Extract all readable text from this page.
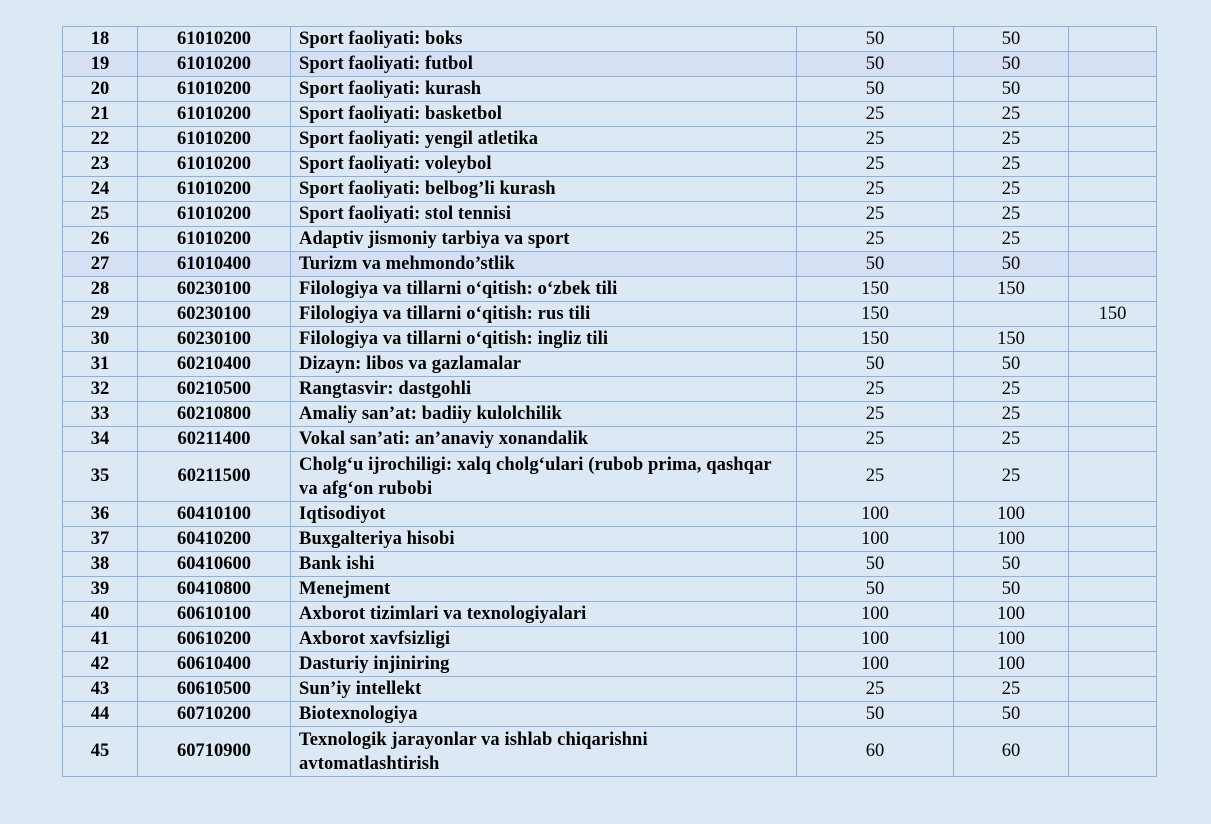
18	61010200	Sport faoliyati: boks	50	50	
19	61010200	Sport faoliyati: futbol	50	50	
20	61010200	Sport faoliyati: kurash	50	50	
21	61010200	Sport faoliyati: basketbol	25	25	
22	61010200	Sport faoliyati: yengil atletika	25	25	
23	61010200	Sport faoliyati: voleybol	25	25	
24	61010200	Sport faoliyati: belbog’li kurash	25	25	
25	61010200	Sport faoliyati: stol tennisi	25	25	
26	61010200	Adaptiv jismoniy tarbiya va sport	25	25	
27	61010400	Turizm va mehmondo’stlik	50	50	
28	60230100	Filologiya va tillarni o‘qitish: o‘zbek tili	150	150	
29	60230100	Filologiya va tillarni o‘qitish: rus tili	150		150
30	60230100	Filologiya va tillarni o‘qitish: ingliz tili	150	150	
31	60210400	Dizayn: libos va gazlamalar	50	50	
32	60210500	Rangtasvir: dastgohli	25	25	
33	60210800	Amaliy san’at: badiiy kulolchilik	25	25	
34	60211400	Vokal san’ati: an’anaviy xonandalik	25	25	
35	60211500	Cholg‘u ijrochiligi: xalq cholg‘ulari (rubob prima, qashqar va afg‘on rubobi	25	25	
36	60410100	Iqtisodiyot	100	100	
37	60410200	Buxgalteriya hisobi	100	100	
38	60410600	Bank ishi	50	50	
39	60410800	Menejment	50	50	
40	60610100	Axborot tizimlari va texnologiyalari	100	100	
41	60610200	Axborot xavfsizligi	100	100	
42	60610400	Dasturiy injiniring	100	100	
43	60610500	Sun’iy intellekt	25	25	
44	60710200	Biotexnologiya	50	50	
45	60710900	Texnologik jarayonlar va ishlab chiqarishni avtomatlashtirish	60	60	
